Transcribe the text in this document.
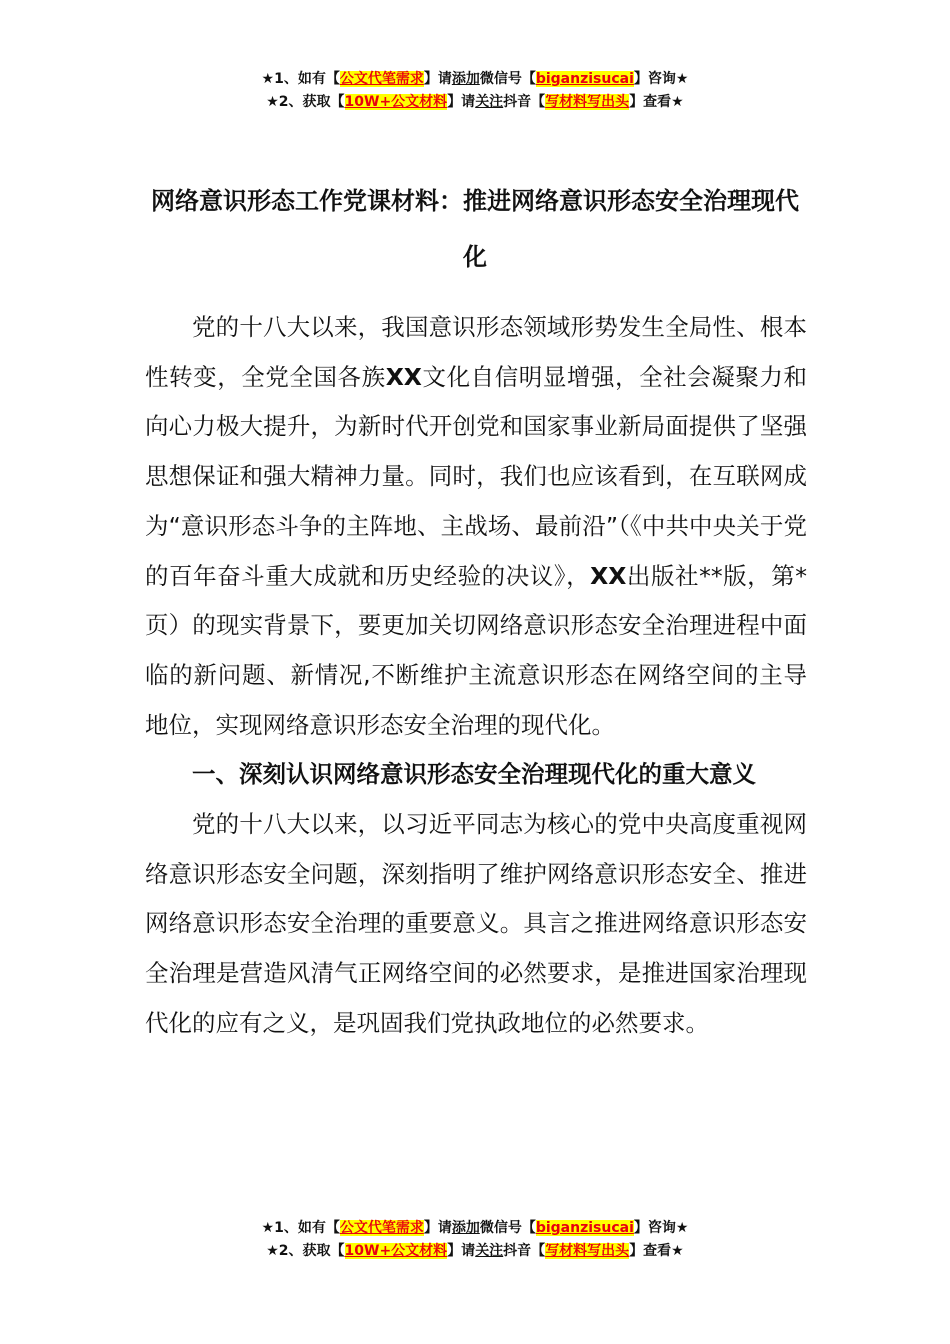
★1、如有【公文代笔需求】请添加微信号【biganzisucai】咨询★
★2、获取【10W+公文材料】请关注抖音【写材料写出头】查看★
网络意识形态工作党课材料：推进网络意识形态安全治理现代化

党的十八大以来，我国意识形态领域形势发生全局性、根本性转变，全党全国各族XX文化自信明显增强，全社会凝聚力和向心力极大提升，为新时代开创党和国家事业新局面提供了坚强思想保证和强大精神力量。同时，我们也应该看到，在互联网成为“意识形态斗争的主阵地、主战场、最前沿”（《中共中央关于党的百年奋斗重大成就和历史经验的决议》，XX出版社**版，第*页）的现实背景下，要更加关切网络意识形态安全治理进程中面临的新问题、新情况,不断维护主流意识形态在网络空间的主导地位，实现网络意识形态安全治理的现代化。

一、深刻认识网络意识形态安全治理现代化的重大意义

党的十八大以来，以习近平同志为核心的党中央高度重视网络意识形态安全问题，深刻指明了维护网络意识形态安全、推进网络意识形态安全治理的重要意义。具言之推进网络意识形态安全治理是营造风清气正网络空间的必然要求，是推进国家治理现代化的应有之义，是巩固我们党执政地位的必然要求。

★1、如有【公文代笔需求】请添加微信号【biganzisucai】咨询★
★2、获取【10W+公文材料】请关注抖音【写材料写出头】查看★
